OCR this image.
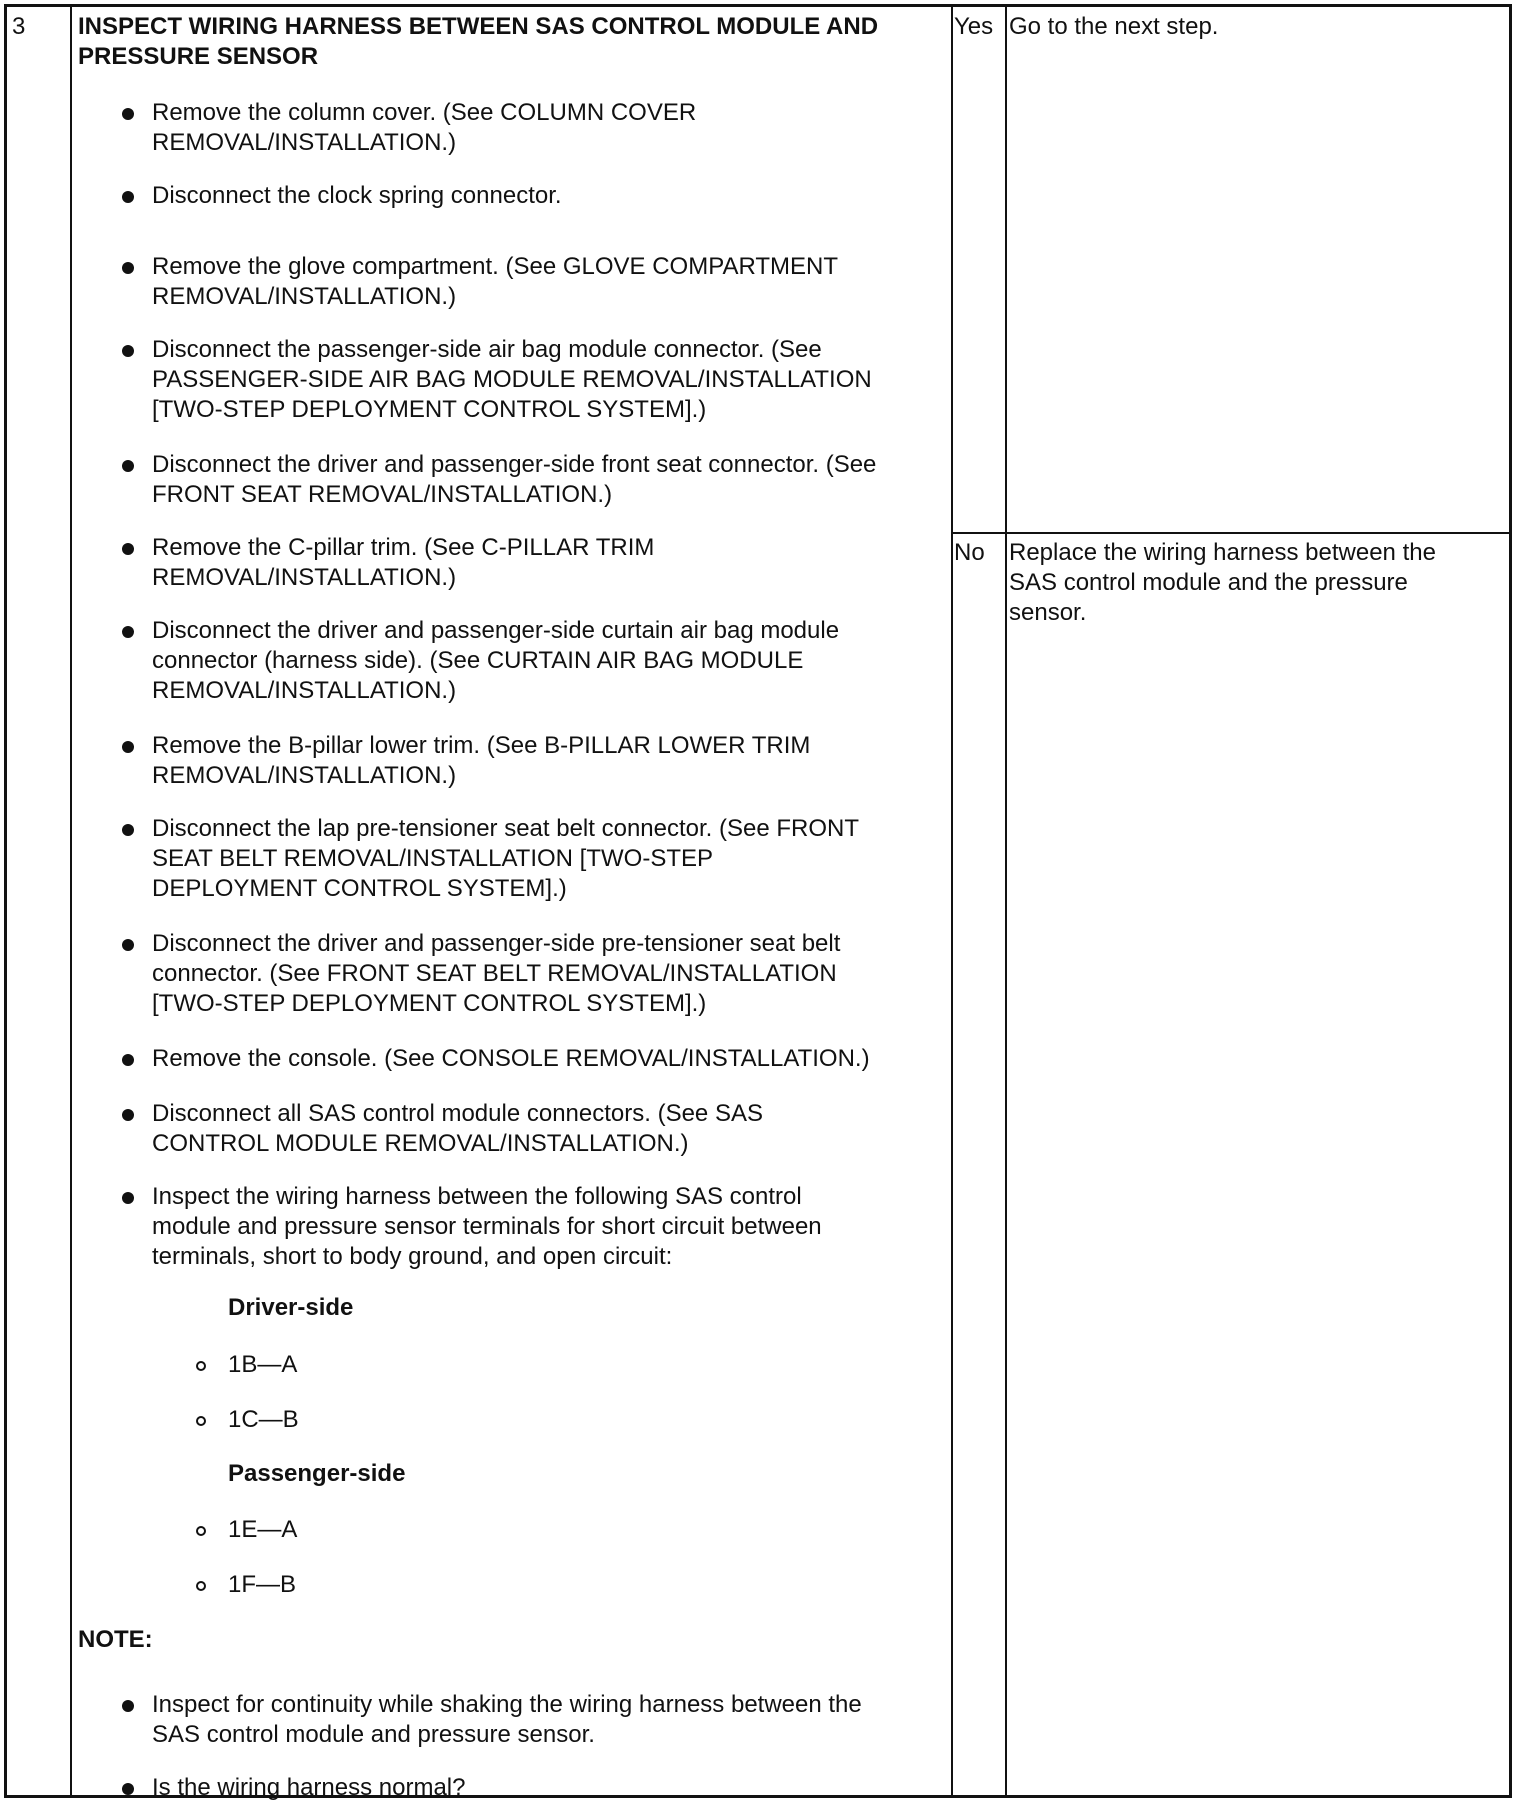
3 INSPECT WIRING HARNESS BETWEEN SAS CONTROL MODULE AND
PRESSURE SENSOR
Remove the column cover. (See COLUMN COVER
REMOVAL/INSTALLATION.)
Disconnect the clock spring connector.
Remove the glove compartment. (See GLOVE COMPARTMENT
REMOVAL/INSTALLATION.)
Disconnect the passenger-side air bag module connector. (See
PASSENGER-SIDE AIR BAG MODULE REMOVAL/INSTALLATION
[TWO-STEP DEPLOYMENT CONTROL SYSTEM].)
Disconnect the driver and passenger-side front seat connector. (See
FRONT SEAT REMOVAL/INSTALLATION.)
Remove the C-pillar trim. (See C-PILLAR TRIM
REMOVAL/INSTALLATION.)
Disconnect the driver and passenger-side curtain air bag module
connector (harness side). (See CURTAIN AIR BAG MODULE
REMOVAL/INSTALLATION.)
Remove the B-pillar lower trim. (See B-PILLAR LOWER TRIM
REMOVAL/INSTALLATION.)
Disconnect the lap pre-tensioner seat belt connector. (See FRONT
SEAT BELT REMOVAL/INSTALLATION [TWO-STEP
DEPLOYMENT CONTROL SYSTEM].)
Disconnect the driver and passenger-side pre-tensioner seat belt
connector. (See FRONT SEAT BELT REMOVAL/INSTALLATION
[TWO-STEP DEPLOYMENT CONTROL SYSTEM].)
Remove the console. (See CONSOLE REMOVAL/INSTALLATION.)
Disconnect all SAS control module connectors. (See SAS
CONTROL MODULE REMOVAL/INSTALLATION.)
Inspect the wiring harness between the following SAS control
module and pressure sensor terminals for short circuit between
terminals, short to body ground, and open circuit:
Driver-side
1B—A
1C—B
Passenger-side
1E—A
1F—B
NOTE:
Inspect for continuity while shaking the wiring harness between the
SAS control module and pressure sensor.
Is the wiring harness normal?
Yes Go to the next step.
No Replace the wiring harness between the
SAS control module and the pressure
sensor.
